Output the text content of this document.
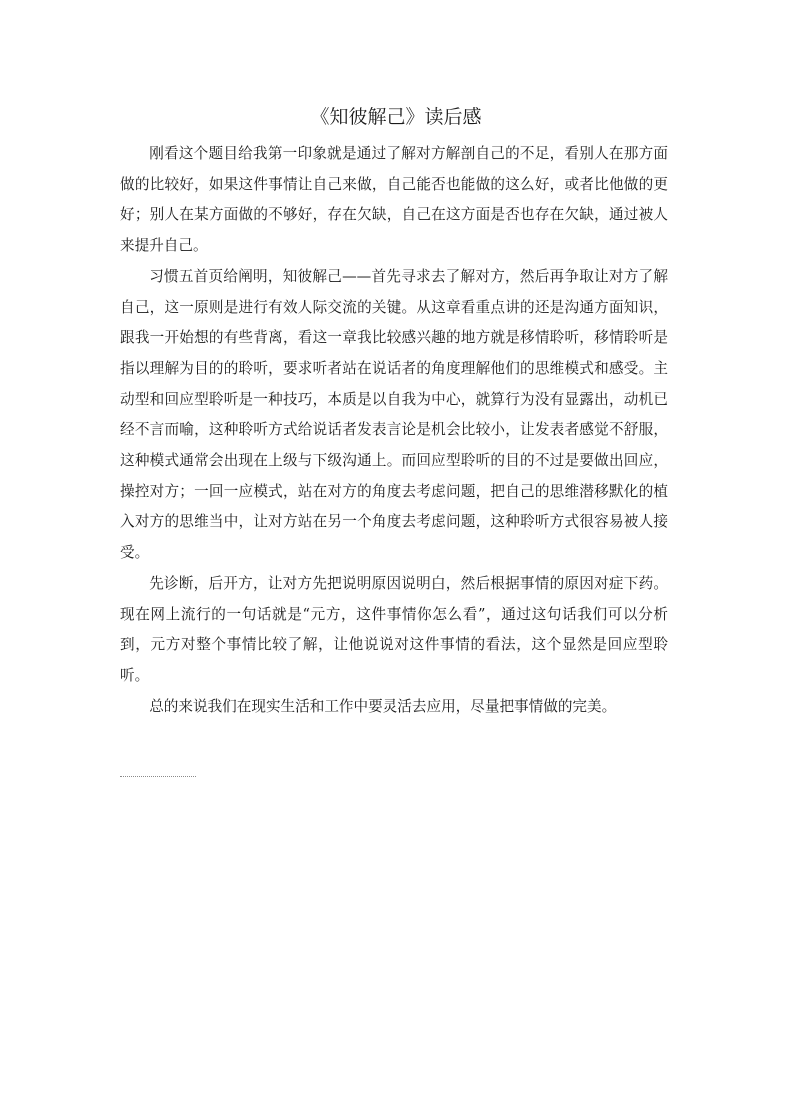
《知彼解己》读后感

刚看这个题目给我第一印象就是通过了解对方解剖自己的不足，看别人在那方面做的比较好，如果这件事情让自己来做，自己能否也能做的这么好，或者比他做的更好；别人在某方面做的不够好，存在欠缺，自己在这方面是否也存在欠缺，通过被人来提升自己。

习惯五首页给阐明，知彼解己——首先寻求去了解对方，然后再争取让对方了解自己，这一原则是进行有效人际交流的关键。从这章看重点讲的还是沟通方面知识，跟我一开始想的有些背离，看这一章我比较感兴趣的地方就是移情聆听，移情聆听是指以理解为目的的聆听，要求听者站在说话者的角度理解他们的思维模式和感受。主动型和回应型聆听是一种技巧，本质是以自我为中心，就算行为没有显露出，动机已经不言而喻，这种聆听方式给说话者发表言论是机会比较小，让发表者感觉不舒服，这种模式通常会出现在上级与下级沟通上。而回应型聆听的目的不过是要做出回应，操控对方；一回一应模式，站在对方的角度去考虑问题，把自己的思维潜移默化的植入对方的思维当中，让对方站在另一个角度去考虑问题，这种聆听方式很容易被人接受。

先诊断，后开方，让对方先把说明原因说明白，然后根据事情的原因对症下药。现在网上流行的一句话就是“元方，这件事情你怎么看”，通过这句话我们可以分析到，元方对整个事情比较了解，让他说说对这件事情的看法，这个显然是回应型聆听。

总的来说我们在现实生活和工作中要灵活去应用，尽量把事情做的完美。
